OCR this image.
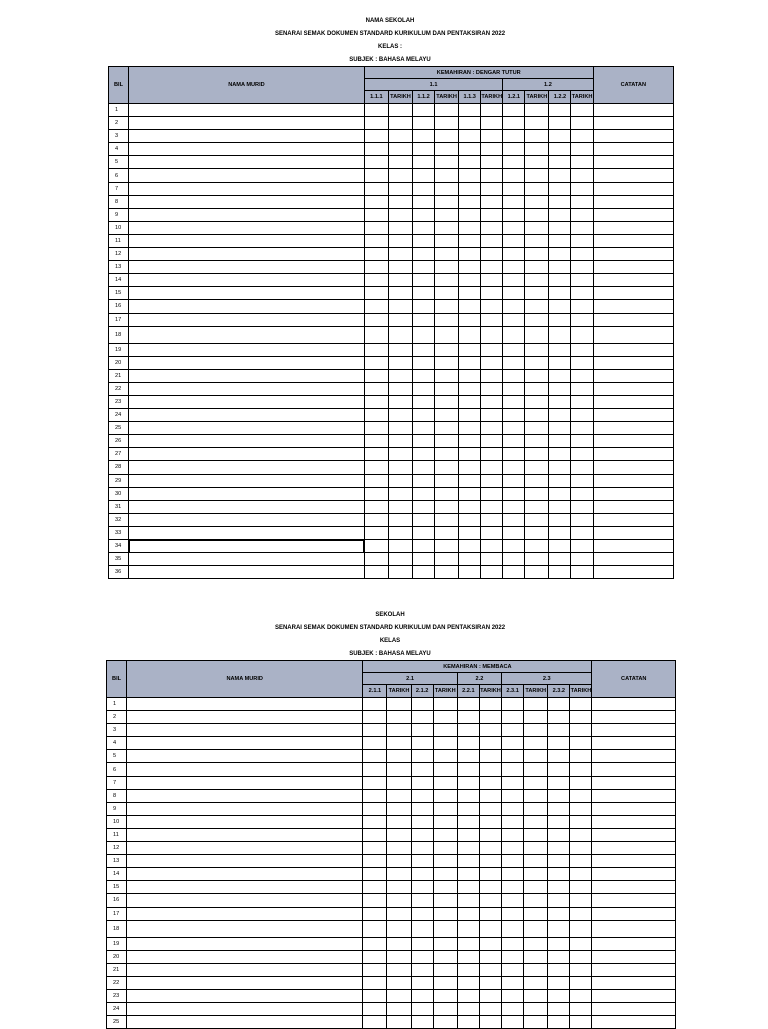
NAMA SEKOLAH
SENARAI SEMAK DOKUMEN STANDARD KURIKULUM DAN PENTAKSIRAN 2022
KELAS :
SUBJEK : BAHASA MELAYU
BIL	NAMA MURID	KEMAHIRAN : DENGAR TUTUR										CATATAN
		1.1						1.2				
		1.1.1	TARIKH	1.1.2	TARIKH	1.1.3	TARIKH	1.2.1	TARIKH	1.2.2	TARIKH	
1												
2												
3												
4												
5												
6												
7												
8												
9												
10												
11												
12												
13												
14												
15												
16												
17												
18												
19												
20												
21												
22												
23												
24												
25												
26												
27												
28												
29												
30												
31												
32												
33												
34												
35												
36												
SEKOLAH
SENARAI SEMAK DOKUMEN STANDARD KURIKULUM DAN PENTAKSIRAN 2022
KELAS
SUBJEK : BAHASA MELAYU
BIL	NAMA MURID	KEMAHIRAN : MEMBACA										CATATAN
		2.1				2.2		2.3				
		2.1.1	TARIKH	2.1.2	TARIKH	2.2.1	TARIKH	2.3.1	TARIKH	2.3.2	TARIKH	
1												
2												
3												
4												
5												
6												
7												
8												
9												
10												
11												
12												
13												
14												
15												
16												
17												
18												
19												
20												
21												
22												
23												
24												
25												
